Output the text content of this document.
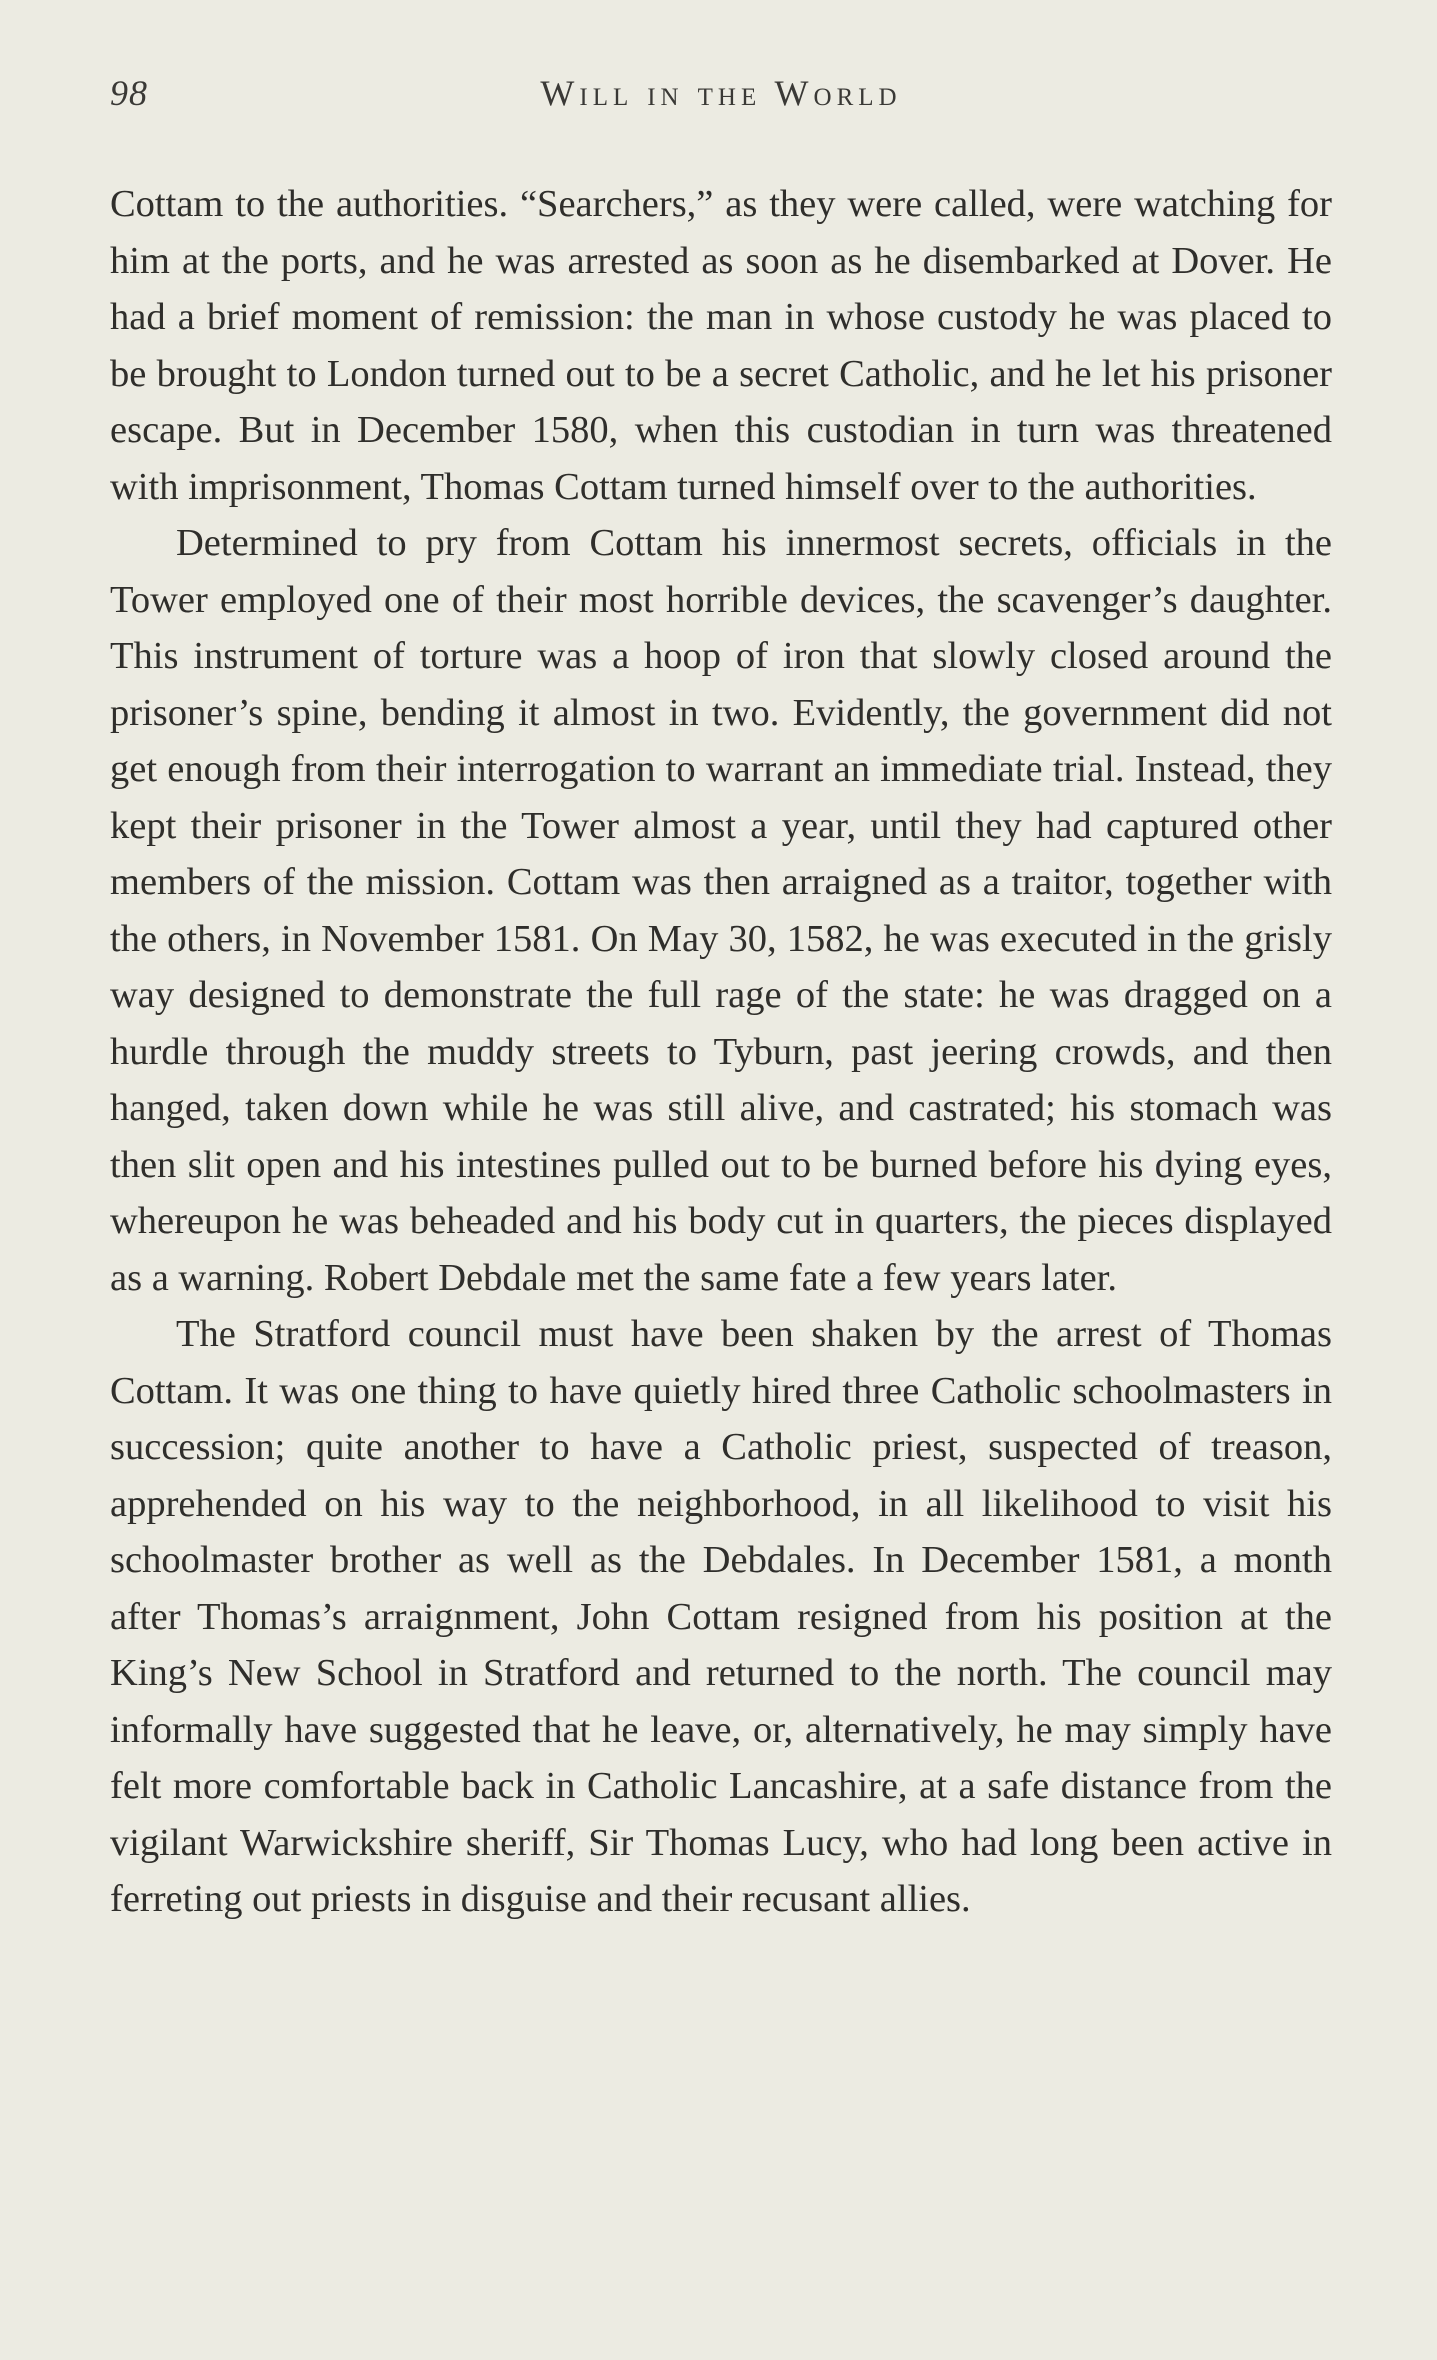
98	Will in the World

Cottam to the authorities. “Searchers,” as they were called, were watching for him at the ports, and he was arrested as soon as he disembarked at Dover. He had a brief moment of remission: the man in whose custody he was placed to be brought to London turned out to be a secret Catholic, and he let his prisoner escape. But in December 1580, when this custodian in turn was threatened with imprisonment, Thomas Cottam turned himself over to the authorities.

Determined to pry from Cottam his innermost secrets, officials in the Tower employed one of their most horrible devices, the scavenger’s daughter. This instrument of torture was a hoop of iron that slowly closed around the prisoner’s spine, bending it almost in two. Evidently, the government did not get enough from their interrogation to warrant an immediate trial. Instead, they kept their prisoner in the Tower almost a year, until they had captured other members of the mission. Cottam was then arraigned as a traitor, together with the others, in November 1581. On May 30, 1582, he was executed in the grisly way designed to demonstrate the full rage of the state: he was dragged on a hurdle through the muddy streets to Tyburn, past jeering crowds, and then hanged, taken down while he was still alive, and castrated; his stomach was then slit open and his intestines pulled out to be burned before his dying eyes, whereupon he was beheaded and his body cut in quarters, the pieces displayed as a warning. Robert Debdale met the same fate a few years later.

The Stratford council must have been shaken by the arrest of Thomas Cottam. It was one thing to have quietly hired three Catholic schoolmasters in succession; quite another to have a Catholic priest, suspected of treason, apprehended on his way to the neighborhood, in all likelihood to visit his schoolmaster brother as well as the Debdales. In December 1581, a month after Thomas’s arraignment, John Cottam resigned from his position at the King’s New School in Stratford and returned to the north. The council may informally have suggested that he leave, or, alternatively, he may simply have felt more comfortable back in Catholic Lancashire, at a safe distance from the vigilant Warwickshire sheriff, Sir Thomas Lucy, who had long been active in ferreting out priests in disguise and their recusant allies.
